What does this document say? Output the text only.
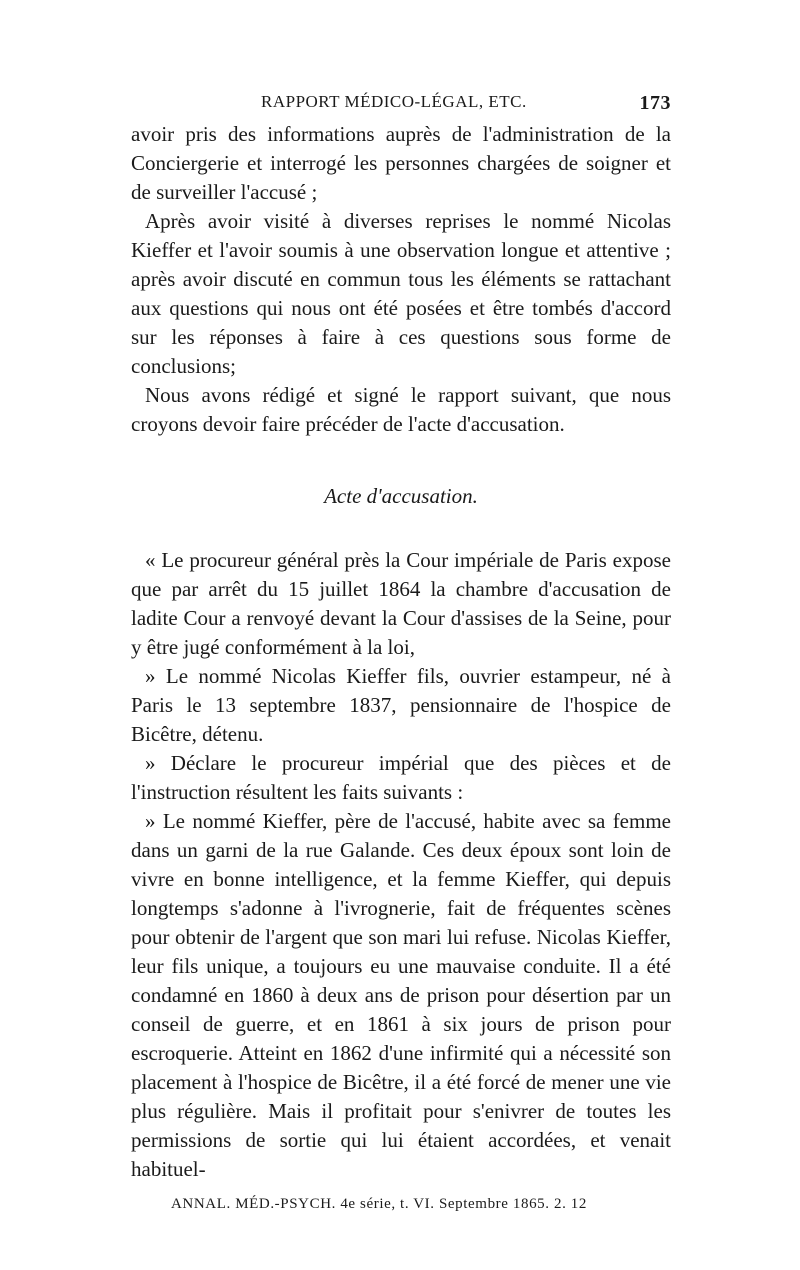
RAPPORT MÉDICO-LÉGAL, ETC.	173

avoir pris des informations auprès de l'administration de la Conciergerie et interrogé les personnes chargées de soigner et de surveiller l'accusé ;

Après avoir visité à diverses reprises le nommé Nicolas Kieffer et l'avoir soumis à une observation longue et attentive ; après avoir discuté en commun tous les éléments se rattachant aux questions qui nous ont été posées et être tombés d'accord sur les réponses à faire à ces questions sous forme de conclusions;

Nous avons rédigé et signé le rapport suivant, que nous croyons devoir faire précéder de l'acte d'accusation.

Acte d'accusation.

« Le procureur général près la Cour impériale de Paris expose que par arrêt du 15 juillet 1864 la chambre d'accusation de ladite Cour a renvoyé devant la Cour d'assises de la Seine, pour y être jugé conformément à la loi,

» Le nommé Nicolas Kieffer fils, ouvrier estampeur, né à Paris le 13 septembre 1837, pensionnaire de l'hospice de Bicêtre, détenu.

» Déclare le procureur impérial que des pièces et de l'instruction résultent les faits suivants :

» Le nommé Kieffer, père de l'accusé, habite avec sa femme dans un garni de la rue Galande. Ces deux époux sont loin de vivre en bonne intelligence, et la femme Kieffer, qui depuis longtemps s'adonne à l'ivrognerie, fait de fréquentes scènes pour obtenir de l'argent que son mari lui refuse. Nicolas Kieffer, leur fils unique, a toujours eu une mauvaise conduite. Il a été condamné en 1860 à deux ans de prison pour désertion par un conseil de guerre, et en 1861 à six jours de prison pour escroquerie. Atteint en 1862 d'une infirmité qui a nécessité son placement à l'hospice de Bicêtre, il a été forcé de mener une vie plus régulière. Mais il profitait pour s'enivrer de toutes les permissions de sortie qui lui étaient accordées, et venait habituel-

ANNAL. MÉD.-PSYCH. 4e série, t. VI. Septembre 1865. 2. 12
